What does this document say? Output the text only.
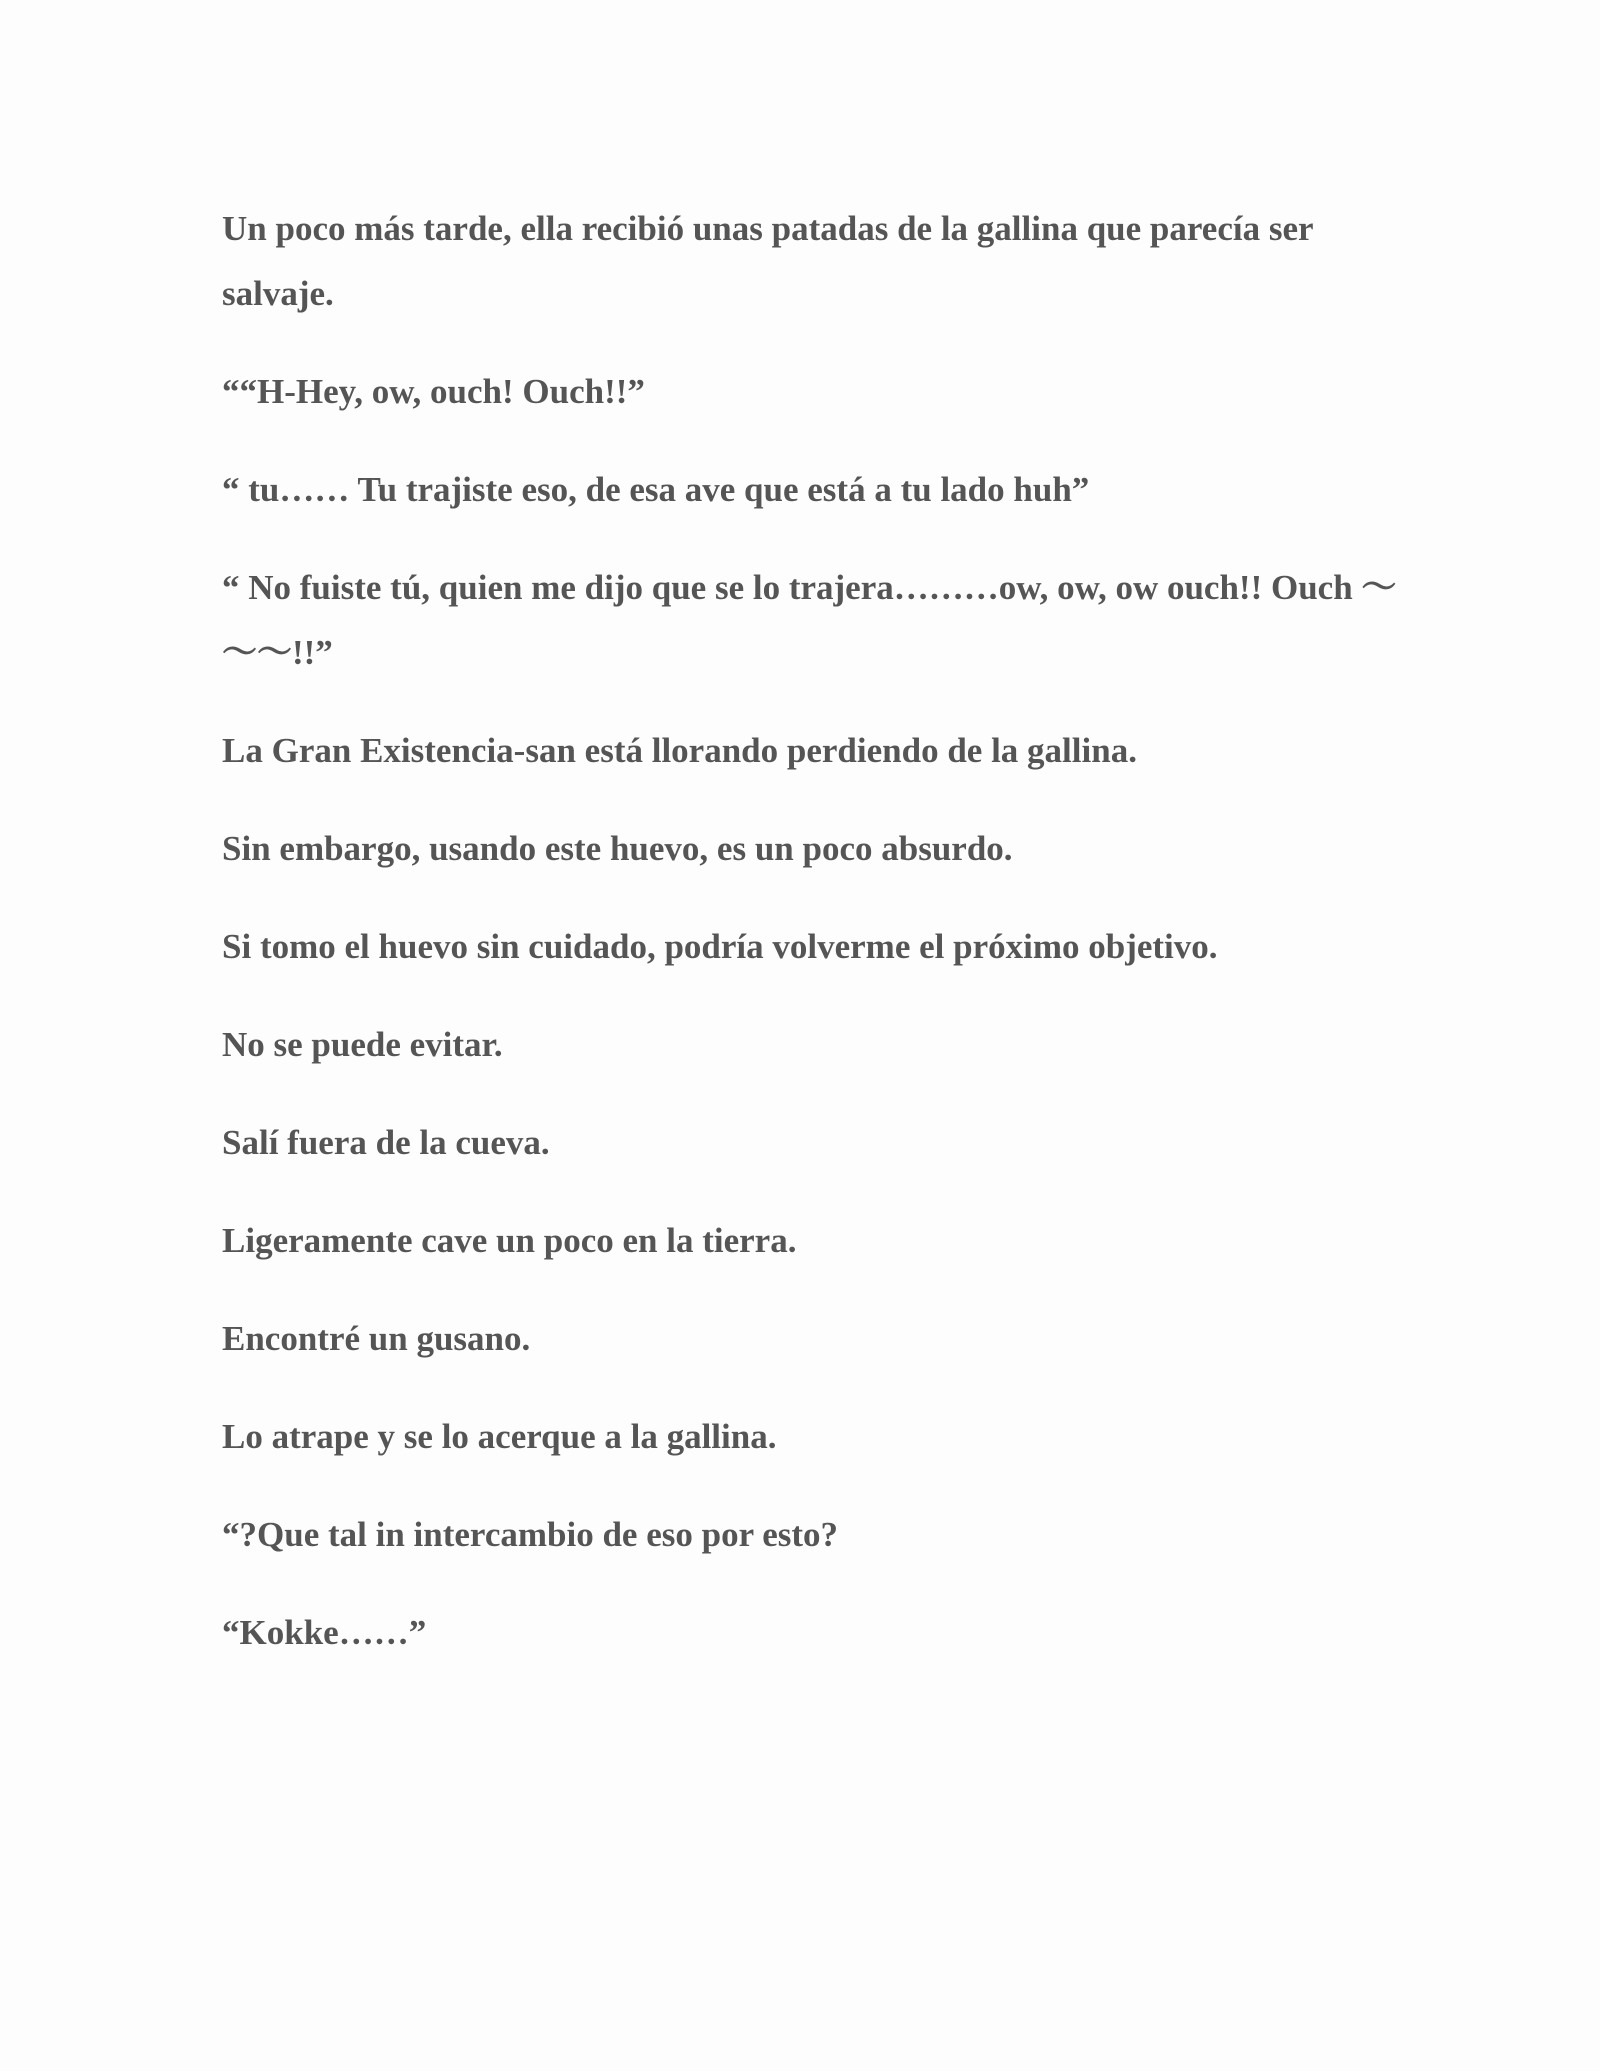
Un poco más tarde, ella recibió unas patadas de la gallina que parecía ser salvaje.

““H-Hey, ow, ouch! Ouch!!”

“ tu…… Tu trajiste eso, de esa ave que está a tu lado huh”

“ No fuiste tú, quien me dijo que se lo trajera………ow, ow, ow ouch!! Ouch ～～～!!”

La Gran Existencia-san está llorando perdiendo de la gallina.

Sin embargo, usando este huevo, es un poco absurdo.

Si tomo el huevo sin cuidado, podría volverme el próximo objetivo.

No se puede evitar.

Salí fuera de la cueva.

Ligeramente cave un poco en la tierra.

Encontré un gusano.

Lo atrape y se lo acerque a la gallina.

“?Que tal in intercambio de eso por esto?

“Kokke……”
